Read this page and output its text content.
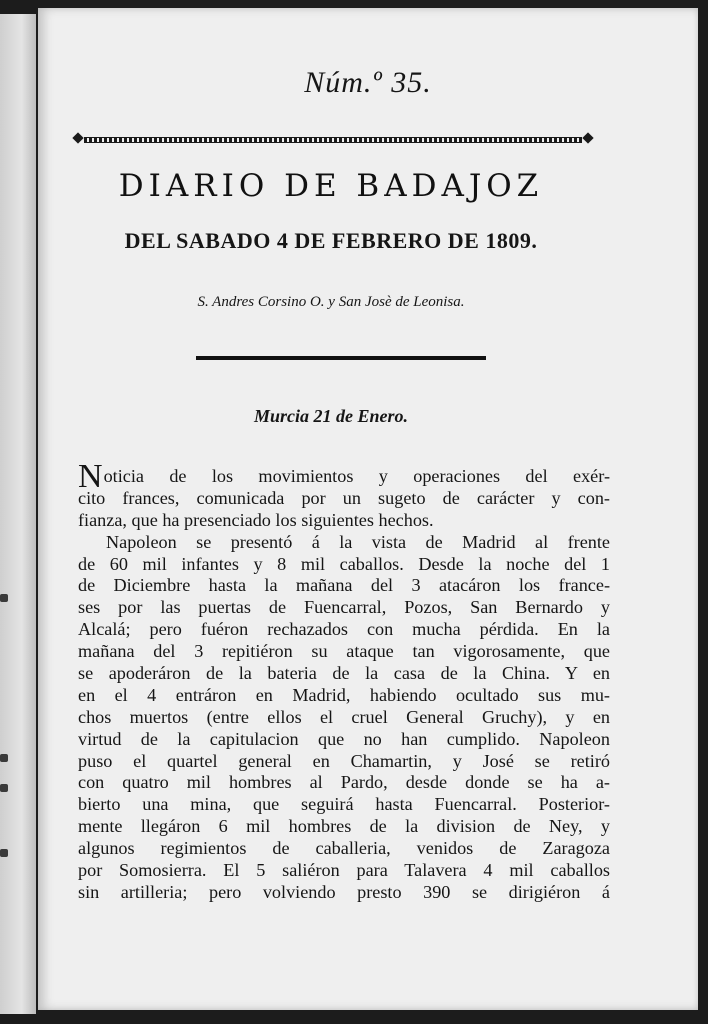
Núm.º 35.
DIARIO DE BADAJOZ
DEL SABADO 4 DE FEBRERO DE 1809.
S. Andres Corsino O. y San Josè de Leonisa.
Murcia 21 de Enero.
Noticia de los movimientos y operaciones del exér-
cito frances, comunicada por un sugeto de carácter y con-
fianza, que ha presenciado los siguientes hechos.
Napoleon se presentó á la vista de Madrid al frente
de 60 mil infantes y 8 mil caballos. Desde la noche del 1
de Diciembre hasta la mañana del 3 atacáron los france-
ses por las puertas de Fuencarral, Pozos, San Bernardo y
Alcalá; pero fuéron rechazados con mucha pérdida. En la
mañana del 3 repitiéron su ataque tan vigorosamente, que
se apoderáron de la bateria de la casa de la China. Y en
en el 4 entráron en Madrid, habiendo ocultado sus mu-
chos muertos (entre ellos el cruel General Gruchy), y en
virtud de la capitulacion que no han cumplido. Napoleon
puso el quartel general en Chamartin, y José se retiró
con quatro mil hombres al Pardo, desde donde se ha a-
bierto una mina, que seguirá hasta Fuencarral. Posterior-
mente llegáron 6 mil hombres de la division de Ney, y
algunos regimientos de caballeria, venidos de Zaragoza
por Somosierra. El 5 saliéron para Talavera 4 mil caballos
sin artilleria; pero volviendo presto 390 se dirigiéron á
